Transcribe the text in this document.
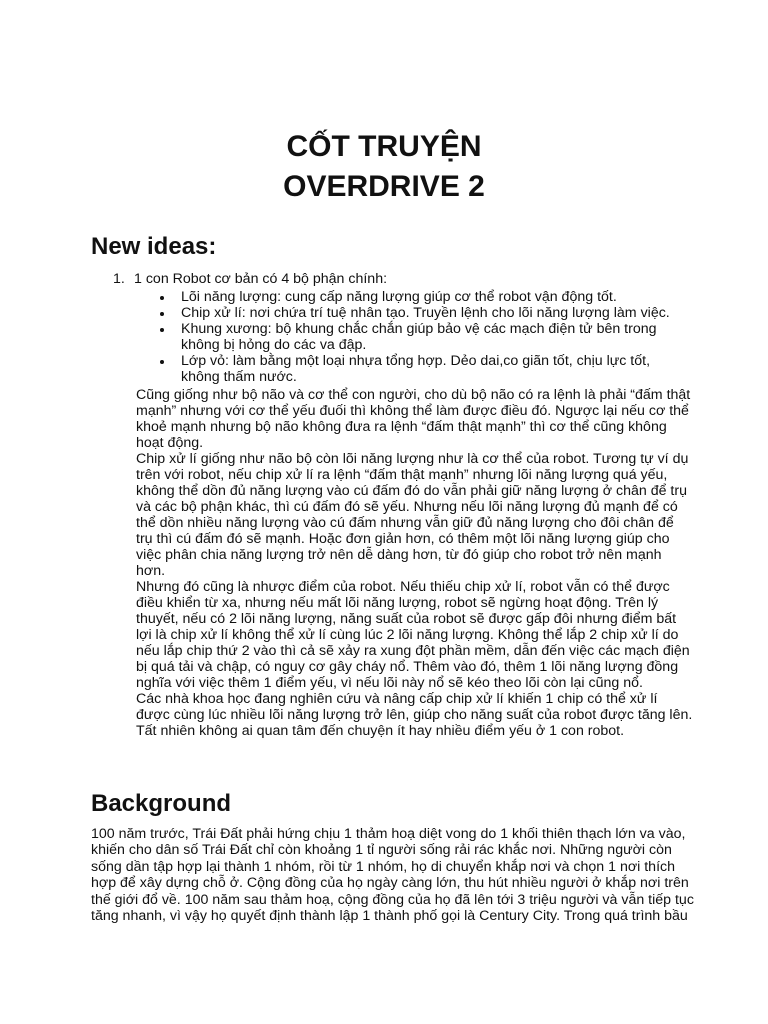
CỐT TRUYỆN
OVERDRIVE 2
New ideas:
1. 1 con Robot cơ bản có 4 bộ phận chính:
Lõi năng lượng: cung cấp năng lượng giúp cơ thể robot vận động tốt.
Chip xử lí: nơi chứa trí tuệ nhân tạo. Truyền lệnh cho lõi năng lượng làm việc.
Khung xương: bộ khung chắc chắn giúp bảo vệ các mạch điện tử bên trong
không bị hỏng do các va đập.
Lớp vỏ: làm bằng một loại nhựa tổng hợp. Dẻo dai,co giãn tốt, chịu lực tốt,
không thấm nước.
Cũng giống như bộ não và cơ thể con người, cho dù bộ não có ra lệnh là phải “đấm thật
mạnh” nhưng với cơ thể yếu đuối thì không thể làm được điều đó. Ngược lại nếu cơ thể
khoẻ mạnh nhưng bộ não không đưa ra lệnh “đấm thật mạnh” thì cơ thể cũng không
hoạt động.
Chip xử lí giống như não bộ còn lõi năng lượng như là cơ thể của robot. Tương tự ví dụ
trên với robot, nếu chip xử lí ra lệnh “đấm thật mạnh” nhưng lõi năng lượng quá yếu,
không thể dồn đủ năng lượng vào cú đấm đó do vẫn phải giữ năng lượng ở chân để trụ
và các bộ phận khác, thì cú đấm đó sẽ yếu. Nhưng nếu lõi năng lượng đủ mạnh để có
thể dồn nhiều năng lượng vào cú đấm nhưng vẫn giữ đủ năng lượng cho đôi chân để
trụ thì cú đấm đó sẽ mạnh. Hoặc đơn giản hơn, có thêm một lõi năng lượng giúp cho
việc phân chia năng lượng trở nên dễ dàng hơn, từ đó giúp cho robot trở nên mạnh
hơn.
Nhưng đó cũng là nhược điểm của robot. Nếu thiếu chip xử lí, robot vẫn có thể được
điều khiển từ xa, nhưng nếu mất lõi năng lượng, robot sẽ ngừng hoạt động. Trên lý
thuyết, nếu có 2 lõi năng lượng, năng suất của robot sẽ được gấp đôi nhưng điểm bất
lợi là chip xử lí không thể xử lí cùng lúc 2 lõi năng lượng. Không thể lắp 2 chip xử lí do
nếu lắp chip thứ 2 vào thì cả sẽ xảy ra xung đột phần mềm, dẫn đến việc các mạch điện
bị quá tải và chập, có nguy cơ gây cháy nổ. Thêm vào đó, thêm 1 lõi năng lượng đồng
nghĩa với việc thêm 1 điểm yếu, vì nếu lõi này nổ sẽ kéo theo lõi còn lại cũng nổ.
Các nhà khoa học đang nghiên cứu và nâng cấp chip xử lí khiến 1 chip có thể xử lí
được cùng lúc nhiều lõi năng lượng trở lên, giúp cho năng suất của robot được tăng lên.
Tất nhiên không ai quan tâm đến chuyện ít hay nhiều điểm yếu ở 1 con robot.
Background
100 năm trước, Trái Đất phải hứng chịu 1 thảm hoạ diệt vong do 1 khối thiên thạch lớn va vào,
khiến cho dân số Trái Đất chỉ còn khoảng 1 tỉ người sống rải rác khắc nơi. Những người còn
sống dần tập hợp lại thành 1 nhóm, rồi từ 1 nhóm, họ di chuyển khắp nơi và chọn 1 nơi thích
hợp để xây dựng chỗ ở. Cộng đồng của họ ngày càng lớn, thu hút nhiều người ở khắp nơi trên
thế giới đổ về. 100 năm sau thảm hoạ, cộng đồng của họ đã lên tới 3 triệu người và vẫn tiếp tục
tăng nhanh, vì vậy họ quyết định thành lập 1 thành phố gọi là Century City. Trong quá trình bầu
